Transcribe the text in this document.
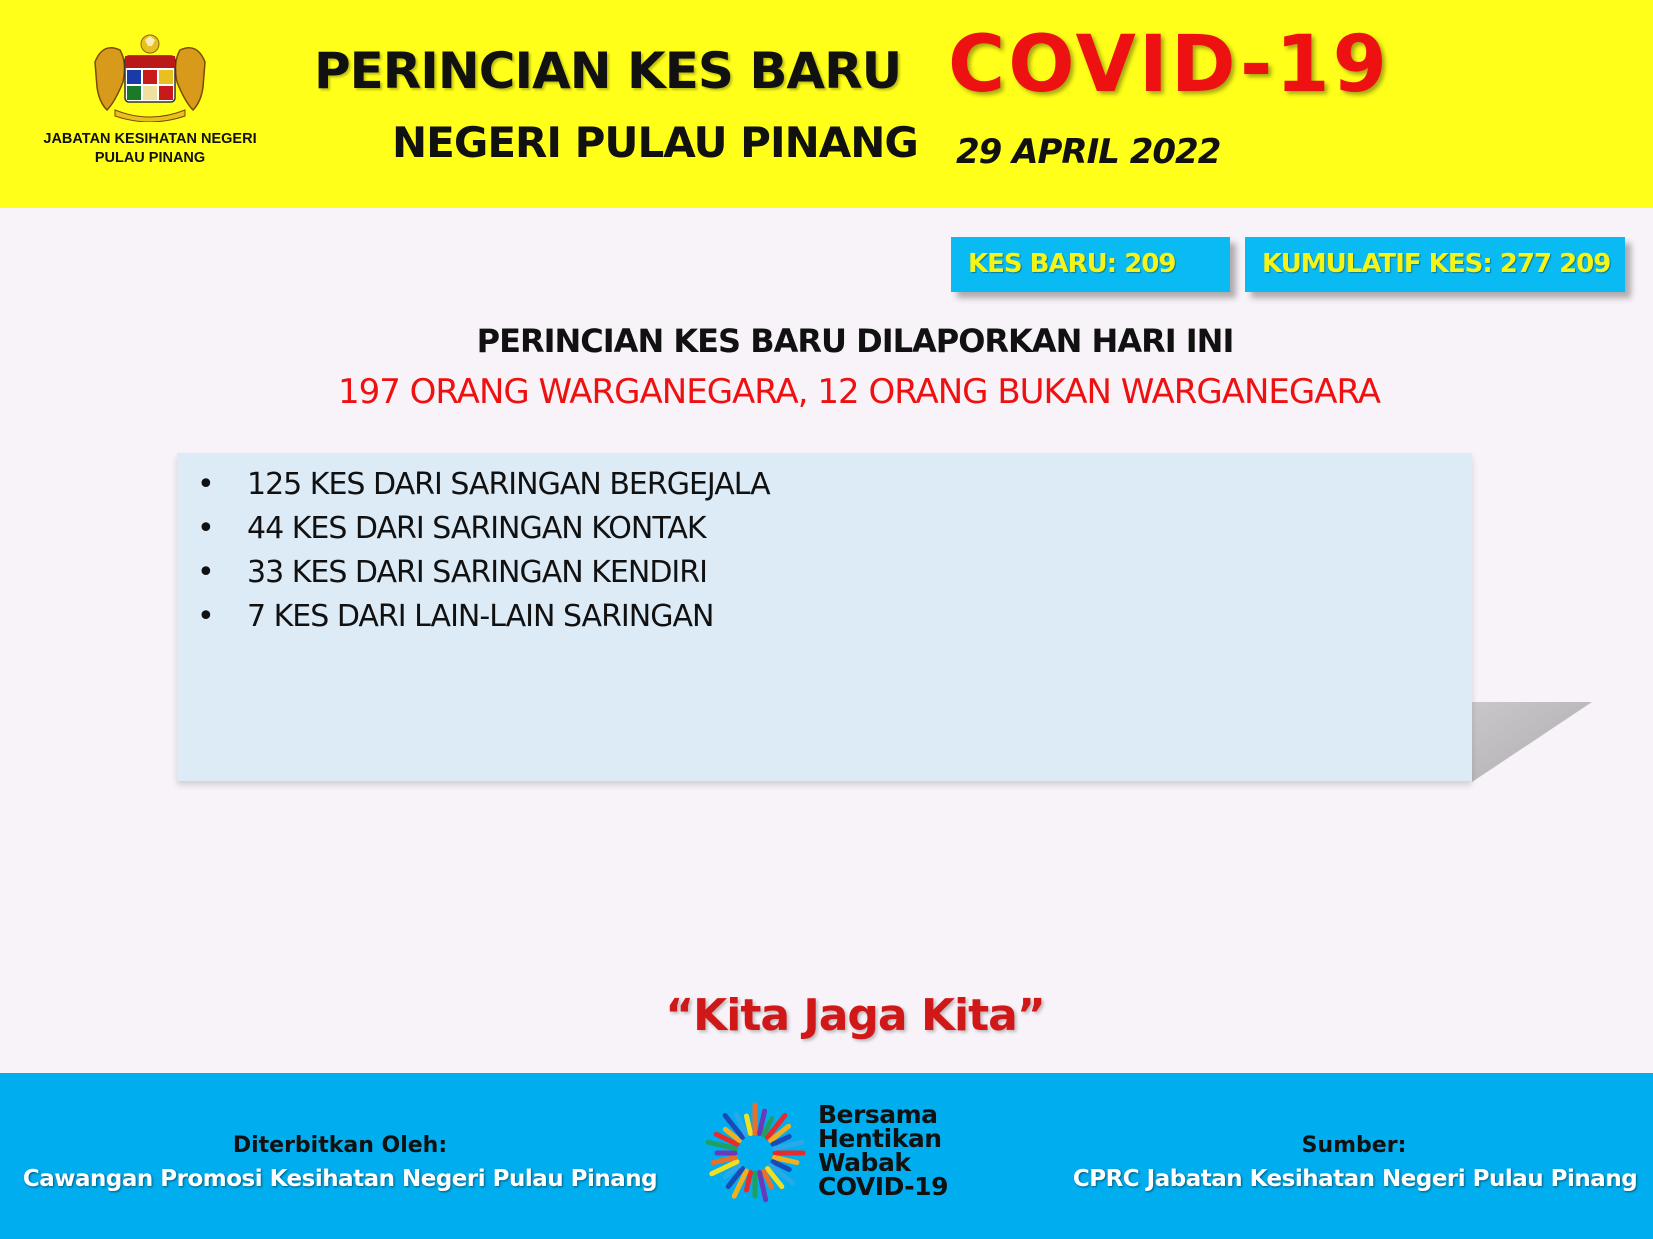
JABATAN KESIHATAN NEGERI
PULAU PINANG
PERINCIAN KES BARU COVID-19
NEGERI PULAU PINANG 29 APRIL 2022
KES BARU: 209	KUMULATIF KES: 277 209
PERINCIAN KES BARU DILAPORKAN HARI INI
197 ORANG WARGANEGARA, 12 ORANG BUKAN WARGANEGARA
• 125 KES DARI SARINGAN BERGEJALA
• 44 KES DARI SARINGAN KONTAK
• 33 KES DARI SARINGAN KENDIRI
• 7 KES DARI LAIN-LAIN SARINGAN
“Kita Jaga Kita”
Diterbitkan Oleh:
Cawangan Promosi Kesihatan Negeri Pulau Pinang
Sumber:
CPRC Jabatan Kesihatan Negeri Pulau Pinang
Bersama
Hentikan
Wabak
COVID-19
